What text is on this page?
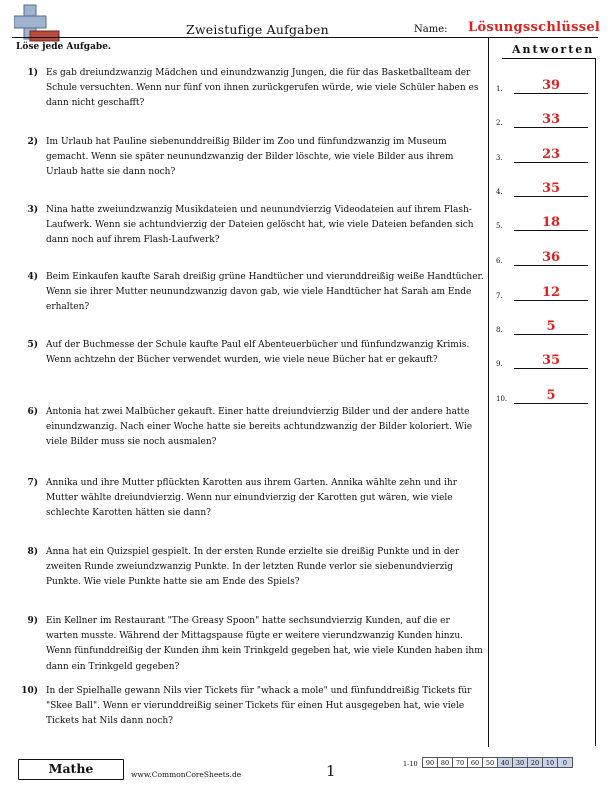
Zweistufige Aufgaben	Name: Lösungsschlüssel
Löse jede Aufgabe.	Antworten
1) Es gab dreiundzwanzig Mädchen und einundzwanzig Jungen, die für das Basketballteam der Schule versuchten. Wenn nur fünf von ihnen zurückgerufen würde, wie viele Schüler haben es dann nicht geschafft?
2) Im Urlaub hat Pauline siebenunddreißig Bilder im Zoo und fünfundzwanzig im Museum gemacht. Wenn sie später neunundzwanzig der Bilder löschte, wie viele Bilder aus ihrem Urlaub hatte sie dann noch?
3) Nina hatte zweiundzwanzig Musikdateien und neunundvierzig Videodateien auf ihrem Flash-Laufwerk. Wenn sie achtundvierzig der Dateien gelöscht hat, wie viele Dateien befanden sich dann noch auf ihrem Flash-Laufwerk?
4) Beim Einkaufen kaufte Sarah dreißig grüne Handtücher und vierunddreißig weiße Handtücher. Wenn sie ihrer Mutter neunundzwanzig davon gab, wie viele Handtücher hat Sarah am Ende erhalten?
5) Auf der Buchmesse der Schule kaufte Paul elf Abenteuerbücher und fünfundzwanzig Krimis. Wenn achtzehn der Bücher verwendet wurden, wie viele neue Bücher hat er gekauft?
6) Antonia hat zwei Malbücher gekauft. Einer hatte dreiundvierzig Bilder und der andere hatte einundzwanzig. Nach einer Woche hatte sie bereits achtundzwanzig der Bilder koloriert. Wie viele Bilder muss sie noch ausmalen?
7) Annika und ihre Mutter pflückten Karotten aus ihrem Garten. Annika wählte zehn und ihr Mutter wählte dreiundvierzig. Wenn nur einundvierzig der Karotten gut wären, wie viele schlechte Karotten hätten sie dann?
8) Anna hat ein Quizspiel gespielt. In der ersten Runde erzielte sie dreißig Punkte und in der zweiten Runde zweiundzwanzig Punkte. In der letzten Runde verlor sie siebenundvierzig Punkte. Wie viele Punkte hatte sie am Ende des Spiels?
9) Ein Kellner im Restaurant "The Greasy Spoon" hatte sechsundvierzig Kunden, auf die er warten musste. Während der Mittagspause fügte er weitere vierundzwanzig Kunden hinzu. Wenn fünfunddreißig der Kunden ihm kein Trinkgeld gegeben hat, wie viele Kunden haben ihm dann ein Trinkgeld gegeben?
10) In der Spielhalle gewann Nils vier Tickets für "whack a mole" und fünfunddreißig Tickets für "Skee Ball". Wenn er vierunddreißig seiner Tickets für einen Hut ausgegeben hat, wie viele Tickets hat Nils dann noch?
1.	39
2.	33
3.	23
4.	35
5.	18
6.	36
7.	12
8.	5
9.	35
10.	5
Mathe	www.CommonCoreSheets.de	1	1-10	90	80	70	60	50	40	30	20	10	0
